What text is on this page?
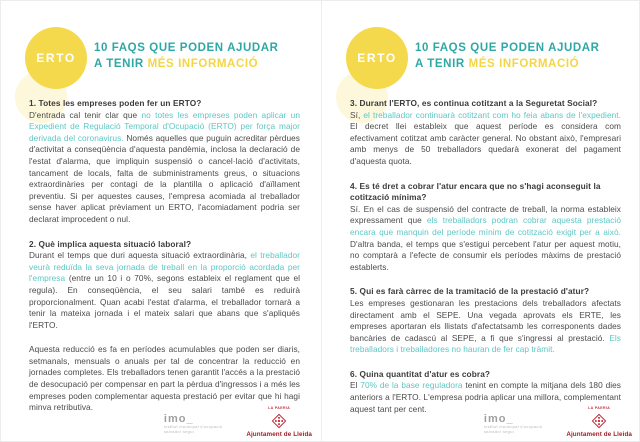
ERTO
10 FAQS QUE PODEN AJUDAR
A TENIR MÉS INFORMACIÓ
1. Totes les empreses poden fer un ERTO?

D'entrada cal tenir clar que no totes les empreses poden aplicar un Expedient de Regulació Temporal d'Ocupació (ERTO) per força major derivada del coronavirus. Només aquelles que puguin acreditar pèrdues d'activitat a conseqüència d'aquesta pandèmia, inclosa la declaració de l'estat d'alarma, que impliquin suspensió o cancel·lació d'activitats, tancament de locals, falta de subministraments greus, o situacions extraordinàries per contagi de la plantilla o aplicació d'aïllament preventiu. Si per aquestes causes, l'empresa acomiada al treballador sense haver aplicat prèviament un ERTO, l'acomiadament podria ser declarat improcedent o nul.

2. Què implica aquesta situació laboral?

Durant el temps que duri aquesta situació extraordinària, el treballador veurà reduïda la seva jornada de treball en la proporció acordada per l'empresa (entre un 10 i o 70%, segons estableix el reglament que el regula). En conseqüència, el seu salari també es reduirà proporcionalment. Quan acabi l'estat d'alarma, el treballador tornarà a tenir la mateixa jornada i el mateix salari que abans que s'apliqués l'ERTO.

Aquesta reducció es fa en períodes acumulables que poden ser diaris, setmanals, mensuals o anuals per tal de concentrar la reducció en jornades completes. Els treballadors tenen garantit l'accés a la prestació de desocupació per compensar en part la pèrdua d'ingressos i a més les empreses poden complementar aquesta prestació per evitar que hi hagi minva retributiva.

imo_
institut municipal d'ocupació
salvador seguí
LA PAERIA
Ajuntament de Lleida
ERTO
10 FAQS QUE PODEN AJUDAR
A TENIR MÉS INFORMACIÓ
3. Durant l'ERTO, es continua cotitzant a la Seguretat Social?

Sí, el treballador continuarà cotitzant com ho feia abans de l'expedient. El decret llei estableix que aquest període es considera com efectivament cotitzat amb caràcter general. No obstant això, l'empresari amb menys de 50 treballadors quedarà exonerat del pagament d'aquesta quota.

4. Es té dret a cobrar l'atur encara que no s'hagi aconseguit la cotització mínima?

Sí. En el cas de suspensió del contracte de treball, la norma estableix expressament que els treballadors podran cobrar aquesta prestació encara que manquin del període mínim de cotització exigit per a això. D'altra banda, el temps que s'estigui percebent l'atur per aquest motiu, no comptarà a l'efecte de consumir els períodes màxims de prestació establerts.

5. Qui es farà càrrec de la tramitació de la prestació d'atur?

Les empreses gestionaran les prestacions dels treballadors afectats directament amb el SEPE. Una vegada aprovats els ERTE, les empreses aportaran els llistats d'afectatsamb les corresponents dades bancàries de cadascú al SEPE, a fi que s'ingressi al prestació. Els treballadors i treballadores no hauran de fer cap tràmit.

6. Quina quantitat d'atur es cobra?

El 70% de la base reguladora tenint en compte la mitjana dels 180 dies anteriors a l'ERTO. L'empresa podria aplicar una millora, complementant aquest tant per cent.

imo_
institut municipal d'ocupació
salvador seguí
LA PAERIA
Ajuntament de Lleida
